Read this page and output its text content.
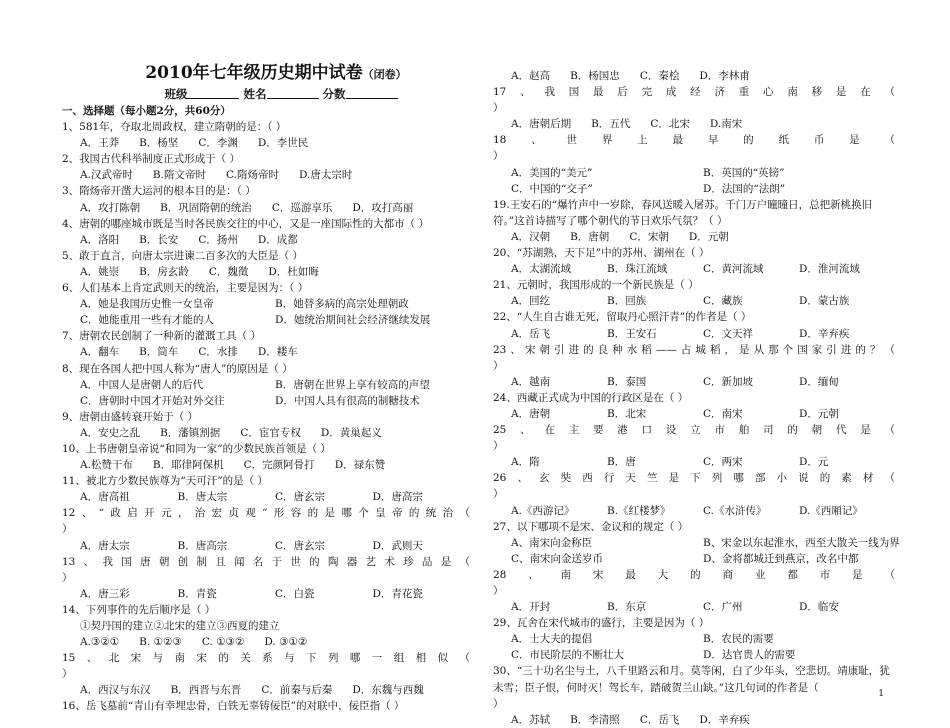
2010年七年级历史期中试卷（闭卷）
班级	姓名	分数
一、选择题（每小题2分，共60分）
1、581年，夺取北周政权，建立隋朝的是：（ ）
A．王莽 B．杨坚 C．李渊 D．李世民
2、我国古代科举制度正式形成于（ ）
A.汉武帝时 B.隋文帝时 C.隋炀帝时 D.唐太宗时
3、隋炀帝开凿大运河的根本目的是：（ ）
A．攻打陈朝 B．巩固隋朝的统治 C．巡游享乐 D．攻打高丽
4、唐朝的哪座城市既是当时各民族交往的中心，又是一座国际性的大都市（ ）
A．洛阳 B．长安 C．扬州 D．成都
5、敢于直言，向唐太宗进谏二百多次的大臣是（ ）
A．姚崇 B．房玄龄 C．魏徵 D．杜如晦
6、人们基本上肯定武则天的统治，主要是因为：（ ）
A．她是我国历史惟一女皇帝	B．她替多病的高宗处理朝政
C．她能重用一些有才能的人	D．她统治期间社会经济继续发展
7、唐朝农民创制了一种新的灌溉工具（ ）
A．翻车 B．筒车 C．水排 D．耧车
8、现在各国人把中国人称为“唐人”的原因是（ ）
A．中国人是唐朝人的后代	B．唐朝在世界上享有较高的声望
C．唐朝时中国才开始对外交往	D．中国人具有很高的制糖技术
9、唐朝由盛转衰开始于（ ）
A．安史之乱 B．藩镇割据 C．宦官专权 D．黄巢起义
10、上书唐朝皇帝说“和同为一家”的少数民族首领是（ ）
A.松赞干布 B．耶律阿保机 C．完颜阿骨打 D．禄东赞
11、被北方少数民族尊为“天可汗”的是（ ）
A．唐高祖	B．唐太宗	C．唐玄宗	D．唐高宗
12、“政启开元，治宏贞观”形容的是哪个皇帝的统治（
）
A．唐太宗	B．唐高宗	C．唐玄宗	D．武则天
13、我国唐朝创制且闻名于世的陶器艺术珍品是（
）
A．唐三彩	B．青瓷	C．白瓷	D．青花瓷
14、下列事件的先后顺序是（ ）
①契丹国的建立②北宋的建立③西夏的建立
A.③②① B. ①②③ C. ①③② D. ③①②
15、北宋与南宋的关系与下列哪一组相似（
）
A．西汉与东汉 B．西晋与东晋 C．前秦与后秦 D．东魏与西魏
16、岳飞墓前“青山有幸埋忠骨，白铁无辜铸佞臣”的对联中，佞臣指（ ）
A．赵高 B．杨国忠 C．秦桧 D．李林甫
17、我国最后完成经济重心南移是在（
）
A．唐朝后期 B．五代 C．北宋 D.南宋
18、世界上最早的纸币是（
）
A．美国的“美元”	B．英国的“英镑”
C．中国的“交子”	D．法国的“法朗”
19.王安石的“爆竹声中一岁除，春风送暖入屠苏。千门万户曈曈日，总把新桃换旧符。”这首诗描写了哪个朝代的节日欢乐气氛？（ ）
A．汉朝 B．唐朝 C．宋朝 D．元朝
20、“苏湖熟，天下足”中的苏州、湖州在（ ）
A．太湖流域	B．珠江流域	C．黄河流域	D．淮河流域
21、元朝时，我国形成的一个新民族是（ ）
A．回纥	B．回族	C．藏族	D．蒙古族
22、“人生自古谁无死，留取丹心照汗青”的作者是（ ）
A．岳飞	B．王安石	C．文天祥	D．辛弃疾
23、宋朝引进的良种水稻——占城稻，是从那个国家引进的？（
）
A．越南	B．泰国	C．新加坡	D．缅甸
24、西藏正式成为中国的行政区是在（ ）
A．唐朝	B．北宋	C．南宋	D．元朝
25、在主要港口设立市舶司的朝代是（
）
A．隋	B．唐	C．两宋	D．元
26、玄奘西行天竺是下列哪部小说的素材（
）
A.《西游记》	B.《红楼梦》	C.《水浒传》	D.《西厢记》
27、以下哪项不是宋、金议和的规定（ ）
A、南宋向金称臣	B、宋金以东起淮水，西至大散关一线为界
C、南宋向金送岁币	D、金将都城迁到燕京，改名中都
28、南宋最大的商业都市是（
）
A．开封	B．东京	C．广州	D．临安
29、瓦舍在宋代城市的盛行，主要是因为（ ）
A．士大夫的提倡	B．农民的需要
C．市民阶层的不断壮大	D．达官贵人的需要
30、“三十功名尘与土，八千里路云和月。莫等闲，白了少年头，空悲切。靖康耻，犹未雪；臣子恨，何时灭！驾长车，踏破贺兰山缺。”这几句词的作者是（
）
A．苏轼 B．李清照 C．岳飞 D．辛弃疾
1
